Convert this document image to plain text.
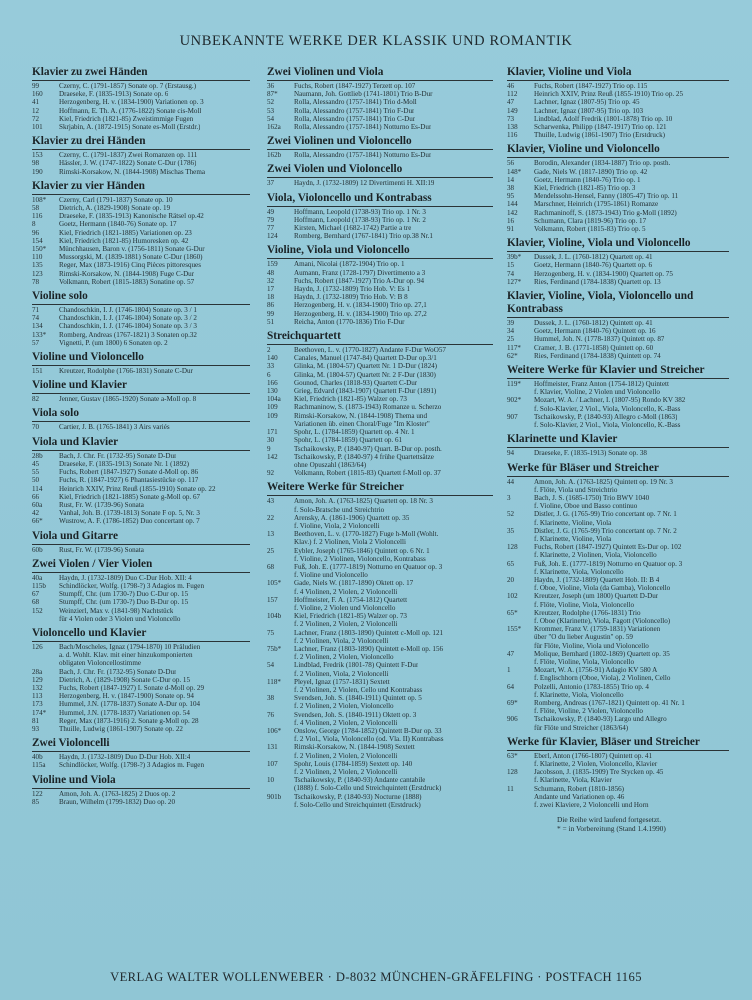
UNBEKANNTE WERKE DER KLASSIK UND ROMANTIK
Klavier zu zwei Händen
99	Czerny, C. (1791-1857) Sonate op. 7 (Erstausg.)
160	Draeseke, F. (1835-1913) Sonate op. 6
41	Herzogenberg, H. v. (1834-1900) Variationen op. 3
12	Hoffmann, E. Th. A. (1776-1822) Sonate cis-Moll
72	Kiel, Friedrich (1821-85) Zweistimmige Fugen
101	Skrjabin, A. (1872-1915) Sonate es-Moll (Erstdr.)
Klavier zu drei Händen
153	Czerny, C. (1791-1837) Zwei Romanzen op. 111
98	Hässler, J. W. (1747-1822) Sonate C-Dur (1786)
190	Rimski-Korsakow, N. (1844-1908) Mischas Thema
Klavier zu vier Händen
108*	Czerny, Carl (1791-1837) Sonate op. 10
58	Dietrich, A. (1829-1908) Sonate op. 19
116	Draeseke, F. (1835-1913) Kanonische Rätsel op.42
8	Goetz, Hermann (1840-76) Sonate op. 17
96	Kiel, Friedrich (1821-1885) Variationen op. 23
154	Kiel, Friedrich (1821-85) Humoresken op. 42
150*	Münchhausen, Baron v. (1756-1811) Sonate G-Dur
110	Mussorgski, M. (1839-1881) Sonate C-Dur (1860)
135	Reger, Max (1873-1916) Cinq Pièces pittoresques
123	Rimski-Korsakow, N. (1844-1908) Fuge C-Dur
78	Volkmann, Robert (1815-1883) Sonatine op. 57
Violine solo
71	Chandoschkin, I. J. (1746-1804) Sonate op. 3 / 1
74	Chandoschkin, I. J. (1746-1804) Sonate op. 3 / 2
134	Chandoschkin, I. J. (1746-1804) Sonate op. 3 / 3
133*	Romberg, Andreas (1767-1821) 3 Sonaten op.32
57	Vignetti, P. (um 1800) 6 Sonaten op. 2
Violine und Violoncello
151	Kreutzer, Rodolphe (1766-1831) Sonate C-Dur
Violine und Klavier
82	Jenner, Gustav (1865-1920) Sonate a-Moll op. 8
Viola solo
70	Cartier, J. B. (1765-1841) 3 Airs variés
Viola und Klavier
28b	Bach, J. Chr. Fr. (1732-95) Sonate D-Dur
45	Draeseke, F. (1835-1913) Sonate Nr. 1 (1892)
55	Fuchs, Robert (1847-1927) Sonate d-Moll op. 86
50	Fuchs, R. (1847-1927) 6 Phantasiestücke op. 117
114	Heinrich XXIV, Prinz Reuß (1855-1910) Sonate op. 22
66	Kiel, Friedrich (1821-1885) Sonate g-Moll op. 67
60a	Rust, Fr. W. (1739-96) Sonata
42	Vanhal, Joh. B. (1739-1813) Sonate F op. 5, Nr. 3
66*	Wustrow, A. F. (1786-1852) Duo concertant op. 7
Viola und Gitarre
60b	Rust, Fr. W. (1739-96) Sonata
Zwei Violen / Vier Violen
40a	Haydn, J. (1732-1809) Duo C-Dur Hob. XII: 4
115b	Schindlöcker, Wolfg. (1798-?) 3 Adagios m. Fugen
67	Stumpff, Chr. (um 1730-?) Duo C-Dur op. 15
68	Stumpff, Chr. (um 1730-?) Duo B-Dur op. 15
152	Weinzierl, Max v. (1841-98) Nachtstück
für 4 Violen oder 3 Violen und Violoncello
Violoncello und Klavier
126	Bach/Moscheles, Ignaz (1794-1870) 10 Präludien
a. d. Wohlt. Klav. mit einer hinzukomponierten
obligaten Violoncellostimme
28a	Bach, J. Chr. Fr. (1732-95) Sonate D-Dur
129	Dietrich, A. (1829-1908) Sonate C-Dur op. 15
132	Fuchs, Robert (1847-1927) I. Sonate d-Moll op. 29
113	Herzogenberg, H. v. (1847-1900) Sonate op. 94
173	Hummel, J.N. (1778-1837) Sonate A-Dur op. 104
174*	Hummel, J.N. (1778-1837) Variationen op. 54
81	Reger, Max (1873-1916) 2. Sonate g-Moll op. 28
93	Thuille, Ludwig (1861-1907) Sonate op. 22
Zwei Violoncelli
40b	Haydn, J. (1732-1809) Duo D-Dur Hob. XII:4
115a	Schindlöcker, Wolfg. (1798-?) 3 Adagios m. Fugen
Violine und Viola
122	Amon, Joh. A. (1763-1825) 2 Duos op. 2
85	Braun, Wilhelm (1799-1832) Duo op. 20
Zwei Violinen und Viola
36	Fuchs, Robert (1847-1927) Terzett op. 107
87*	Naumann, Joh. Gottlieb (1741-1801) Trio B-Dur
52	Rolla, Alessandro (1757-1841) Trio d-Moll
53	Rolla, Alessandro (1757-1841) Trio F-Dur
54	Rolla, Alessandro (1757-1841) Trio C-Dur
162a	Rolla, Alessandro (1757-1841) Notturno Es-Dur
Zwei Violinen und Violoncello
162b	Rolla, Alessandro (1757-1841) Notturno Es-Dur
Zwei Violen und Violoncello
37	Haydn, J. (1732-1809) 12 Divertimenti H. XII:19
Viola, Violoncello und Kontrabass
49	Hoffmann, Leopold (1738-93) Trio op. 1 Nr. 3
79	Hoffmann, Leopold (1738-93) Trio op. 1 Nr. 2
77	Kirsten, Michael (1682-1742) Partie a tre
124	Romberg, Bernhard (1767-1841) Trio op.38 Nr.1
Violine, Viola und Violoncello
159	Amani, Nicolai (1872-1904) Trio op. 1
48	Aumann, Franz (1728-1797) Divertimento a 3
32	Fuchs, Robert (1847-1927) Trio A-Dur op. 94
17	Haydn, J. (1732-1809) Trio Hob. V: Es 1
18	Haydn, J. (1732-1809) Trio Hob. V: B 8
86	Herzogenberg, H. v. (1834-1900) Trio op. 27,1
99	Herzogenberg, H. v. (1834-1900) Trio op. 27,2
51	Reicha, Anton (1770-1836) Trio F-Dur
Streichquartett
2	Beethoven, L. v. (1770-1827) Andante F-Dur WoO57
140	Canales, Manuel (1747-84) Quartett D-Dur op.3/1
33	Glinka, M. (1804-57) Quartett Nr. 1 D-Dur (1824)
6	Glinka, M. (1804-57) Quartett Nr. 2 F-Dur (1830)
166	Gounod, Charles (1818-93) Quartett C-Dur
130	Grieg, Edvard (1843-1907) Quartett F-Dur (1891)
104a	Kiel, Friedrich (1821-85) Walzer op. 73
109	Rachmaninow, S. (1873-1943) Romanze u. Scherzo
109	Rimski-Korsakow, N. (1844-1908) Thema und
Variationen üb. einen Choral/Fuge "Im Kloster"
171	Spohr, L. (1784-1859) Quartett op. 4 Nr. 1
30	Spohr, L. (1784-1859) Quartett op. 61
9	Tschaikowsky, P. (1840-97) Quart. B-Dur op. posth.
142	Tschaikowsky, P. (1840-97) 4 frühe Quartettsätze
ohne Opuszahl (1863/64)
92	Volkmann, Robert (1815-83) Quartett f-Moll op. 37
Weitere Werke für Streicher
43	Amon, Joh. A. (1763-1825) Quartett op. 18 Nr. 3
f. Solo-Bratsche und Streichtrio
22	Arensky, A. (1861-1906) Quartett op. 35
f. Violine, Viola, 2 Violoncelli
13	Beethoven, L. v. (1770-1827) Fuge h-Moll (Wohlt.
Klav.) f. 2 Violinen, Viola 2 Violoncelli
25	Eybler, Joseph (1765-1846) Quintett op. 6 Nr. 1
f. Violine, 2 Violinen, Violoncello, Kontrabass
68	Fuß, Joh. E. (1777-1819) Notturno en Quatuor op. 3
f. Violine und Violoncello
105*	Gade, Niels W. (1817-1890) Oktett op. 17
f. 4 Violinen, 2 Violen, 2 Violoncelli
157	Hoffmeister, F. A. (1754-1812) Quartett
f. Violine, 2 Violen und Violoncello
104b	Kiel, Friedrich (1821-85) Walzer op. 73
f. 2 Violinen, 2 Violen, 2 Violoncelli
75	Lachner, Franz (1803-1890) Quintett c-Moll op. 121
f. 2 Violinen, Viola, 2 Violoncelli
75b*	Lachner, Franz (1803-1890) Quintett e-Moll op. 156
f. 2 Violinen, 2 Violen, Violoncello
54	Lindblad, Fredrik (1801-78) Quintett F-Dur
f. 2 Violinen, Viola, 2 Violoncelli
118*	Pleyel, Ignaz (1757-1831) Sextett
f. 2 Violinen, 2 Violen, Cello und Kontrabass
38	Svendsen, Joh. S. (1840-1911) Quintett op. 5
f. 2 Violinen, 2 Violen, Violoncello
76	Svendsen, Joh. S. (1840-1911) Oktett op. 3
f. 4 Violinen, 2 Violen, 2 Violoncelli
106*	Onslow, George (1784-1852) Quintett B-Dur op. 33
f. 2 Viol., Viola, Violoncello (od. Vla. II) Kontrabass
131	Rimski-Korsakow, N. (1844-1908) Sextett
f. 2 Violinen, 2 Violen, 2 Violoncelli
107	Spohr, Louis (1784-1859) Sextett op. 140
f. 2 Violinen, 2 Violen, 2 Violoncelli
10	Tschaikowsky, P. (1840-93) Andante cantabile
(1888) f. Solo-Cello und Streichquintett (Erstdruck)
901b	Tschaikowsky, P. (1840-93) Nocturne (1888)
f. Solo-Cello und Streichquintett (Erstdruck)
Klavier, Violine und Viola
46	Fuchs, Robert (1847-1927) Trio op. 115
112	Heinrich XXIV, Prinz Reuß (1855-1910) Trio op. 25
47	Lachner, Ignaz (1807-95) Trio op. 45
149	Lachner, Ignaz (1807-95) Trio op. 103
73	Lindblad, Adolf Fredrik (1801-1878) Trio op. 10
138	Scharwenka, Philipp (1847-1917) Trio op. 121
116	Thuille, Ludwig (1861-1907) Trio (Erstdruck)
Klavier, Violine und Violoncello
56	Borodin, Alexander (1834-1887) Trio op. posth.
148*	Gade, Niels W. (1817-1890) Trio op. 42
14	Goetz, Hermann (1840-76) Trio op. 1
38	Kiel, Friedrich (1821-85) Trio op. 3
95	Mendelssohn-Hensel, Fanny (1805-47) Trio op. 11
144	Marschner, Heinrich (1795-1861) Romanze
142	Rachmaninoff, S. (1873-1943) Trio g-Moll (1892)
16	Schumann, Clara (1819-96) Trio op. 17
91	Volkmann, Robert (1815-83) Trio op. 5
Klavier, Violine, Viola und Violoncello
39b*	Dussek, J. L. (1760-1812) Quartett op. 41
15	Goetz, Hermann (1840-76) Quartett op. 6
74	Herzogenberg, H. v. (1834-1900) Quartett op. 75
127*	Ries, Ferdinand (1784-1838) Quartett op. 13
Klavier, Violine, Viola, Violoncello und Kontrabass
39	Dussek, J. L. (1760-1812) Quintett op. 41
34	Goetz, Hermann (1840-76) Quintett op. 16
25	Hummel, Joh. N. (1778-1837) Quintett op. 87
117*	Cramer, J. B. (1771-1858) Quintett op. 60
62*	Ries, Ferdinand (1784-1838) Quintett op. 74
Weitere Werke für Klavier und Streicher
119*	Hoffmeister, Franz Anton (1754-1812) Quintett
f. Klavier, Violine, 2 Violen und Violoncello
902*	Mozart, W. A. / Lachner, I. (1807-95) Rondo KV 382
f. Solo-Klavier, 2 Viol., Viola, Violoncello, K.-Bass
907	Tschaikowsky, P. (1840-93) Allegro c-Moll (1863)
f. Solo-Klavier, 2 Viol., Viola, Violoncello, K.-Bass
Klarinette und Klavier
94	Draeseke, F. (1835-1913) Sonate op. 38
Werke für Bläser und Streicher
44	Amon, Joh. A. (1763-1825) Quintett op. 19 Nr. 3
f. Flöte, Viola und Streichtrio
3	Bach, J. S. (1685-1750) Trio BWV 1040
f. Violine, Oboe und Basso continuo
52	Distler, J. G. (1765-99) Trio concertant op. 7 Nr. 1
f. Klarinette, Violine, Viola
35	Distler, J. G. (1765-99) Trio concertant op. 7 Nr. 2
f. Klarinette, Violine, Viola
128	Fuchs, Robert (1847-1927) Quintett Es-Dur op. 102
f. Klarinette, 2 Violinen, Viola, Violoncello
65	Fuß, Joh. E. (1777-1819) Notturno en Quatuor op. 3
f. Klarinette, Viola, Violoncello
20	Haydn, J. (1732-1809) Quartett Hob. II: B 4
f. Oboe, Violine, Viola (da Gamba), Violoncello
102	Kreutzer, Joseph (um 1800) Quartett D-Dur
f. Flöte, Violine, Viola, Violoncello
65*	Kreutzer, Rodolphe (1766-1831) Trio
f. Oboe (Klarinette), Viola, Fagott (Violoncello)
155*	Krommer, Franz V. (1759-1831) Variationen
über "O du lieber Augustin" op. 59
für Flöte, Violine, Viola und Violoncello
47	Molique, Bernhard (1802-1869) Quartett op. 35
f. Flöte, Violine, Viola, Violoncello
1	Mozart, W. A. (1756-91) Adagio KV 580 A
f. Englischhorn (Oboe, Viola), 2 Violinen, Cello
64	Polzelli, Antonio (1783-1855) Trio op. 4
f. Klarinette, Viola, Violoncello
69*	Romberg, Andreas (1767-1821) Quintett op. 41 Nr. 1
f. Flöte, Violine, 2 Violen, Violoncello
906	Tschaikowsky, P. (1840-93) Largo und Allegro
für Flöte und Streicher (1863/64)
Werke für Klavier, Bläser und Streicher
63*	Eberl, Anton (1766-1807) Quintett op. 41
f. Klarinette, 2 Violen, Violoncello, Klavier
128	Jacobsson, J. (1835-1909) Tre Stycken op. 45
f. Klarinette, Viola, Klavier
11	Schumann, Robert (1810-1856)
Andante und Variationen op. 46
f. zwei Klaviere, 2 Violoncelli und Horn
Die Reihe wird laufend fortgesetzt.
* = in Vorbereitung (Stand 1.4.1990)
VERLAG WALTER WOLLENWEBER · D-8032 MÜNCHEN-GRÄFELFING · POSTFACH 1165
